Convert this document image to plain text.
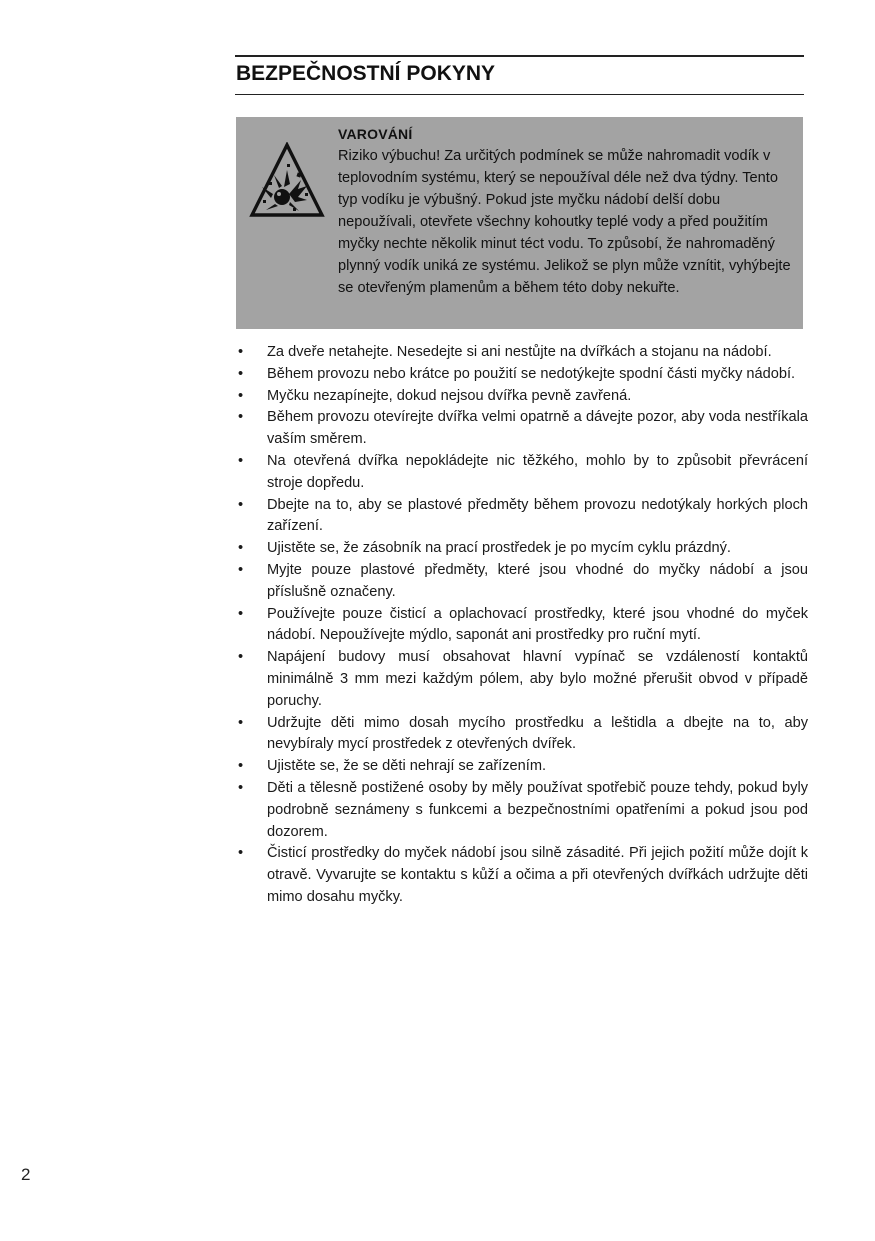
BEZPEČNOSTNÍ POKYNY
VAROVÁNÍ
Riziko výbuchu! Za určitých podmínek se může nahromadit vodík v teplovodním systému, který se nepoužíval déle než dva týdny. Tento typ vodíku je výbušný. Pokud jste myčku nádobí delší dobu nepoužívali, otevřete všechny kohoutky teplé vody a před použitím myčky nechte několik minut téct vodu. To způsobí, že nahromaděný plynný vodík uniká ze systému. Jelikož se plyn může vznítit, vyhýbejte se otevřeným plamenům a během této doby nekuřte.
•	Za dveře netahejte. Nesedejte si ani nestůjte na dvířkách a stojanu na nádobí.
•	Během provozu nebo krátce po použití se nedotýkejte spodní části myčky nádobí.
•	Myčku nezapínejte, dokud nejsou dvířka pevně zavřená.
•	Během provozu otevírejte dvířka velmi opatrně a dávejte pozor, aby voda nestříkala vaším směrem.
•	Na otevřená dvířka nepokládejte nic těžkého, mohlo by to způsobit převrácení stroje dopředu.
•	Dbejte na to, aby se plastové předměty během provozu nedotýkaly horkých ploch zařízení.
•	Ujistěte se, že zásobník na prací prostředek je po mycím cyklu prázdný.
•	Myjte pouze plastové předměty, které jsou vhodné do myčky nádobí a jsou příslušně označeny.
•	Používejte pouze čisticí a oplachovací prostředky, které jsou vhodné do myček nádobí. Nepoužívejte mýdlo, saponát ani prostředky pro ruční mytí.
•	Napájení budovy musí obsahovat hlavní vypínač se vzdáleností kontaktů minimálně 3 mm mezi každým pólem, aby bylo možné přerušit obvod v případě poruchy.
•	Udržujte děti mimo dosah mycího prostředku a leštidla a dbejte na to, aby nevybíraly mycí prostředek z otevřených dvířek.
•	Ujistěte se, že se děti nehrají se zařízením.
•	Děti a tělesně postižené osoby by měly používat spotřebič pouze tehdy, pokud byly podrobně seznámeny s funkcemi a bezpečnostními opatřeními a pokud jsou pod dozorem.
•	Čisticí prostředky do myček nádobí jsou silně zásadité. Při jejich požití může dojít k otravě. Vyvarujte se kontaktu s kůží a očima a při otevřených dvířkách udržujte děti mimo dosahu myčky.
2
